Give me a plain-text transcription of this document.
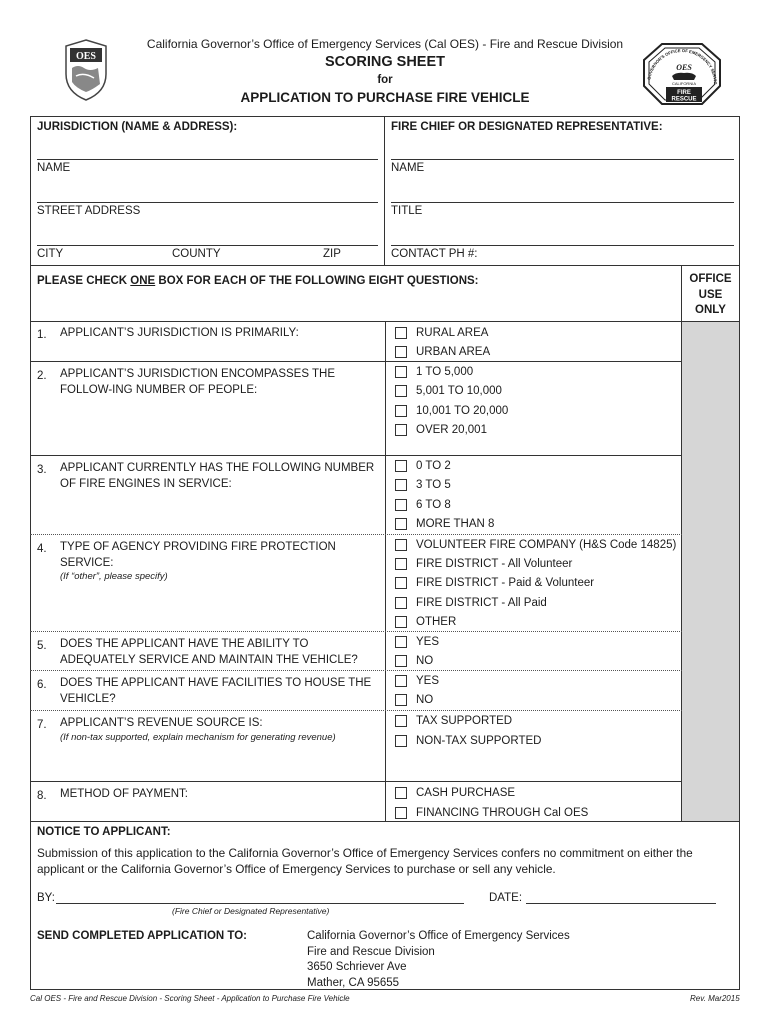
OES
GOVERNOR'S OFFICE OF EMERGENCY SERVIC
OES
CALIFORNIA
FIRE
RESCUE
California Governor’s Office of Emergency Services (Cal OES) - Fire and Rescue Division
SCORING SHEET
for
APPLICATION TO PURCHASE FIRE VEHICLE
JURISDICTION (NAME & ADDRESS):	FIRE CHIEF OR DESIGNATED REPRESENTATIVE:
NAME
STREET ADDRESS
CITY	COUNTY	ZIP
NAME
TITLE
CONTACT PH #:
PLEASE CHECK ONE BOX FOR EACH OF THE FOLLOWING EIGHT QUESTIONS:	OFFICE
USE
ONLY
1. APPLICANT’S JURISDICTION IS PRIMARILY:	RURAL AREA
URBAN AREA
2. APPLICANT’S JURISDICTION ENCOMPASSES THE FOLLOW-ING NUMBER OF PEOPLE:
1 TO 5,000
5,001 TO 10,000
10,001 TO 20,000
OVER 20,001
3. APPLICANT CURRENTLY HAS THE FOLLOWING NUMBER OF FIRE ENGINES IN SERVICE:
0 TO 2
3 TO 5
6 TO 8
MORE THAN 8
4. TYPE OF AGENCY PROVIDING FIRE PROTECTION SERVICE:
(If “other”, please specify)
VOLUNTEER FIRE COMPANY (H&S Code 14825)
FIRE DISTRICT - All Volunteer
FIRE DISTRICT - Paid & Volunteer
FIRE DISTRICT - All Paid
OTHER
5. DOES THE APPLICANT HAVE THE ABILITY TO ADEQUATELY SERVICE AND MAINTAIN THE VEHICLE?
YES
NO
6. DOES THE APPLICANT HAVE FACILITIES TO HOUSE THE VEHICLE?
YES
NO
7. APPLICANT’S REVENUE SOURCE IS:
(If non-tax supported, explain mechanism for generating revenue)
TAX SUPPORTED
NON-TAX SUPPORTED
8. METHOD OF PAYMENT:	CASH PURCHASE
FINANCING THROUGH Cal OES
NOTICE TO APPLICANT:
Submission of this application to the California Governor’s Office of Emergency Services confers no commitment on either the applicant or the California Governor’s Office of Emergency Services to purchase or sell any vehicle.
BY:
(Fire Chief or Designated Representative)
DATE:
SEND COMPLETED APPLICATION TO:	California Governor’s Office of Emergency Services
Fire and Rescue Division
3650 Schriever Ave
Mather, CA 95655
Cal OES - Fire and Rescue Division - Scoring Sheet - Application to Purchase Fire Vehicle	Rev. Mar2015
